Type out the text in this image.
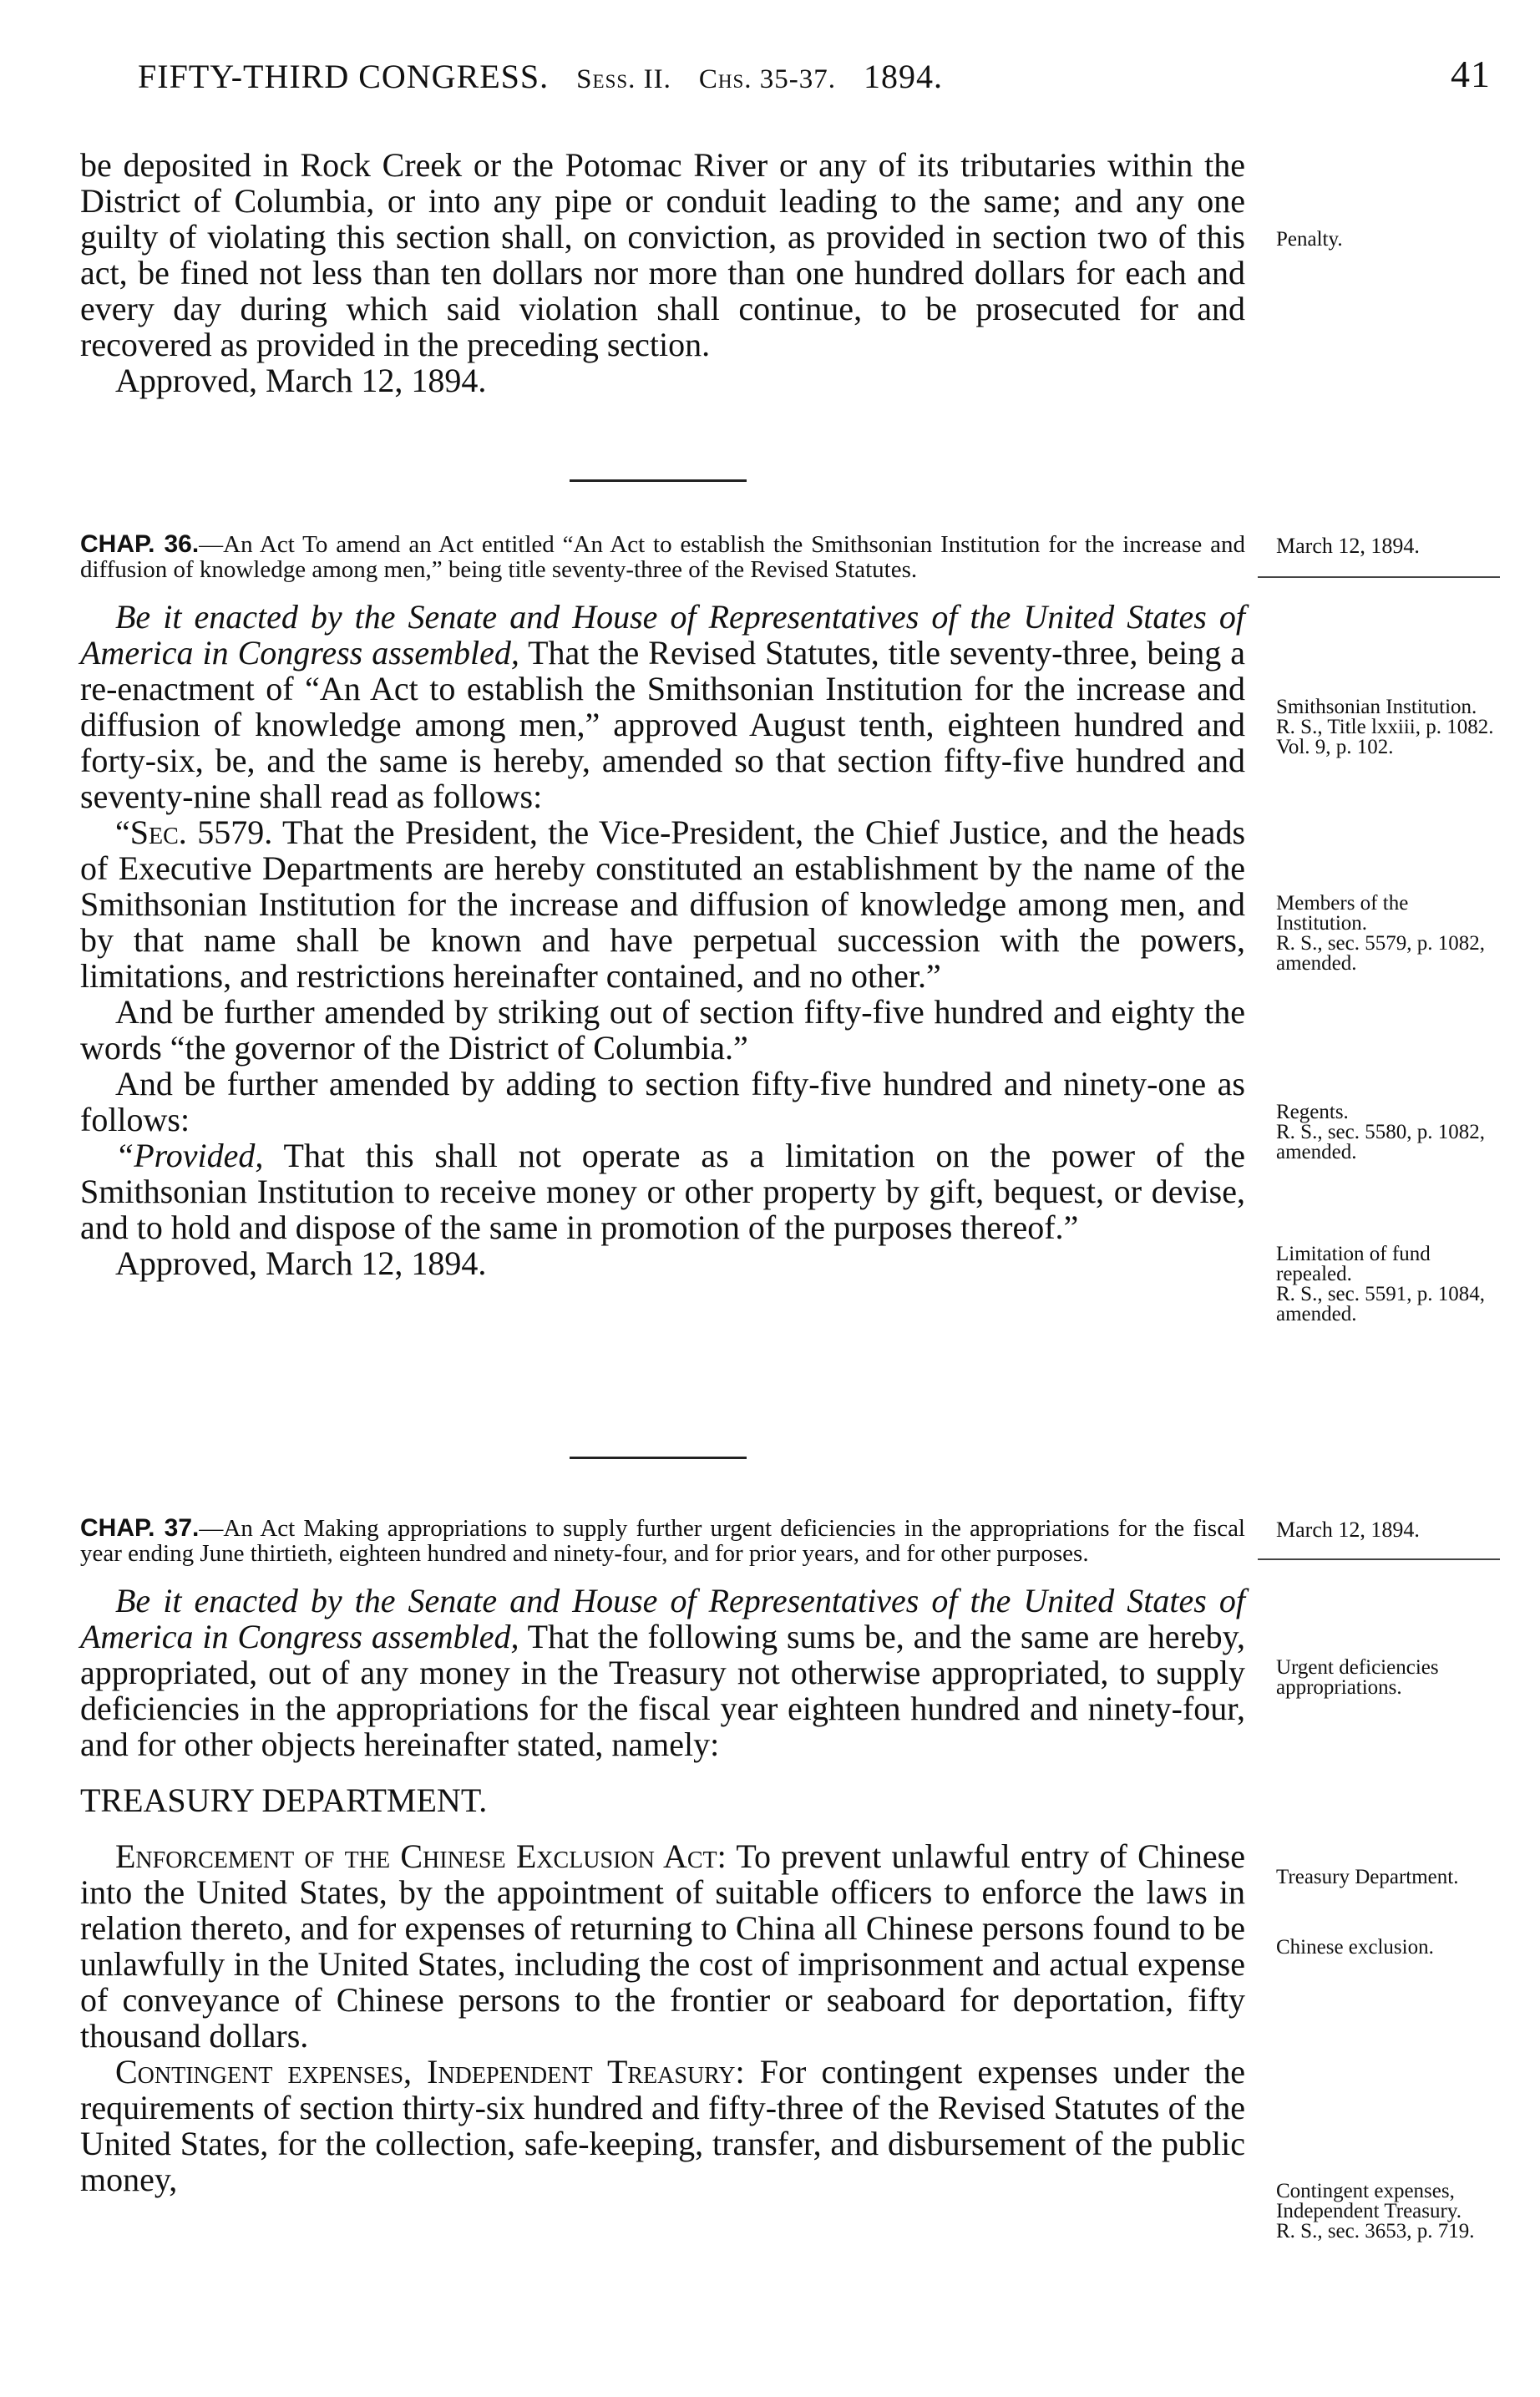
FIFTY-THIRD CONGRESS. Sess. II. Chs. 35-37. 1894.	41

be deposited in Rock Creek or the Potomac River or any of its tributaries within the District of Columbia, or into any pipe or conduit leading to the same; and any one guilty of violating this section shall, on conviction, as provided in section two of this act, be fined not less than ten dollars nor more than one hundred dollars for each and every day during which said violation shall continue, to be prosecuted for and recovered as provided in the preceding section.

Approved, March 12, 1894.

Penalty.

CHAP. 36.—An Act To amend an Act entitled “An Act to establish the Smithsonian Institution for the increase and diffusion of knowledge among men,” being title seventy-three of the Revised Statutes.

Be it enacted by the Senate and House of Representatives of the United States of America in Congress assembled, That the Revised Statutes, title seventy-three, being a re-enactment of “An Act to establish the Smithsonian Institution for the increase and diffusion of knowledge among men,” approved August tenth, eighteen hundred and forty-six, be, and the same is hereby, amended so that section fifty-five hundred and seventy-nine shall read as follows:

“Sec. 5579. That the President, the Vice-President, the Chief Justice, and the heads of Executive Departments are hereby constituted an establishment by the name of the Smithsonian Institution for the increase and diffusion of knowledge among men, and by that name shall be known and have perpetual succession with the powers, limitations, and restrictions hereinafter contained, and no other.”

And be further amended by striking out of section fifty-five hundred and eighty the words “the governor of the District of Columbia.”

And be further amended by adding to section fifty-five hundred and ninety-one as follows:

“Provided, That this shall not operate as a limitation on the power of the Smithsonian Institution to receive money or other property by gift, bequest, or devise, and to hold and dispose of the same in promotion of the purposes thereof.”

Approved, March 12, 1894.

March 12, 1894.
Smithsonian Institution.
R. S., Title lxxiii, p. 1082.
Vol. 9, p. 102.
Members of the Institution.
R. S., sec. 5579, p. 1082, amended.
Regents.
R. S., sec. 5580, p. 1082, amended.
Limitation of fund repealed.
R. S., sec. 5591, p. 1084, amended.

CHAP. 37.—An Act Making appropriations to supply further urgent deficiencies in the appropriations for the fiscal year ending June thirtieth, eighteen hundred and ninety-four, and for prior years, and for other purposes.

Be it enacted by the Senate and House of Representatives of the United States of America in Congress assembled, That the following sums be, and the same are hereby, appropriated, out of any money in the Treasury not otherwise appropriated, to supply deficiencies in the appropriations for the fiscal year eighteen hundred and ninety-four, and for other objects hereinafter stated, namely:

TREASURY DEPARTMENT.

Enforcement of the Chinese Exclusion Act: To prevent unlawful entry of Chinese into the United States, by the appointment of suitable officers to enforce the laws in relation thereto, and for expenses of returning to China all Chinese persons found to be unlawfully in the United States, including the cost of imprisonment and actual expense of conveyance of Chinese persons to the frontier or seaboard for deportation, fifty thousand dollars.

Contingent expenses, Independent Treasury: For contingent expenses under the requirements of section thirty-six hundred and fifty-three of the Revised Statutes of the United States, for the collection, safe-keeping, transfer, and disbursement of the public money,

March 12, 1894.
Urgent deficiencies appropriations.
Treasury Department.
Chinese exclusion.
Contingent expenses, Independent Treasury.
R. S., sec. 3653, p. 719.
